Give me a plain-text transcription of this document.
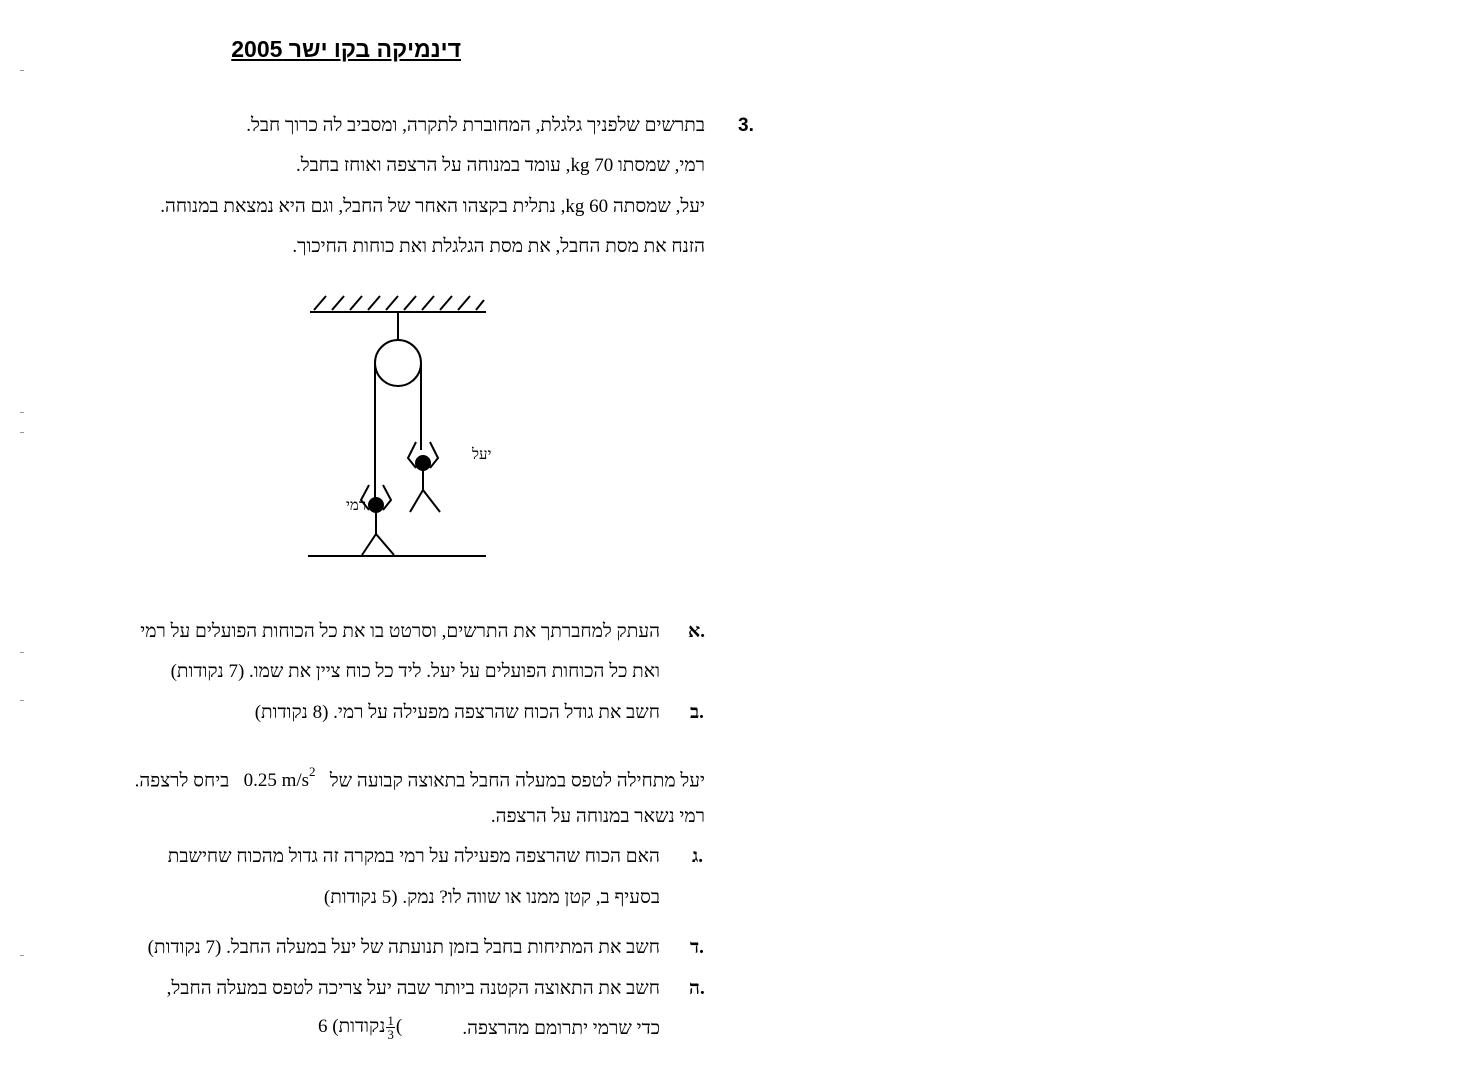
דינמיקה בקו ישר 2005
3.
בתרשים שלפניך גלגלת, המחוברת לתקרה, ומסביב לה כרוך חבל.
רמי, שמסתו 70 kg, עומד במנוחה על הרצפה ואוחז בחבל.
יעל, שמסתה 60 kg, נתלית בקצהו האחר של החבל, וגם היא נמצאת במנוחה.
הזנח את מסת החבל, את מסת הגלגלת ואת כוחות החיכוך.
יעל
רמי
א.
העתק למחברתך את התרשים, וסרטט בו את כל הכוחות הפועלים על רמי
ואת כל הכוחות הפועלים על יעל. ליד כל כוח ציין את שמו. (7 נקודות)
ב.
חשב את גודל הכוח שהרצפה מפעילה על רמי. (8 נקודות)
יעל מתחילה לטפס במעלה החבל בתאוצה קבועה של   0.25 $m/s^2$   ביחס לרצפה.
רמי נשאר במנוחה על הרצפה.
ג.
האם הכוח שהרצפה מפעילה על רמי במקרה זה גדול מהכוח שחישבת
בסעיף ב, קטן ממנו או שווה לו? נמק. (5 נקודות)
ד.
חשב את המתיחות בחבל בזמן תנועתה של יעל במעלה החבל. (7 נקודות)
ה.
חשב את התאוצה הקטנה ביותר שבה יעל צריכה לטפס במעלה החבל,
כדי שרמי יתרומם מהרצפה.
נקודות) 6	$\frac{1}{3}$ (
